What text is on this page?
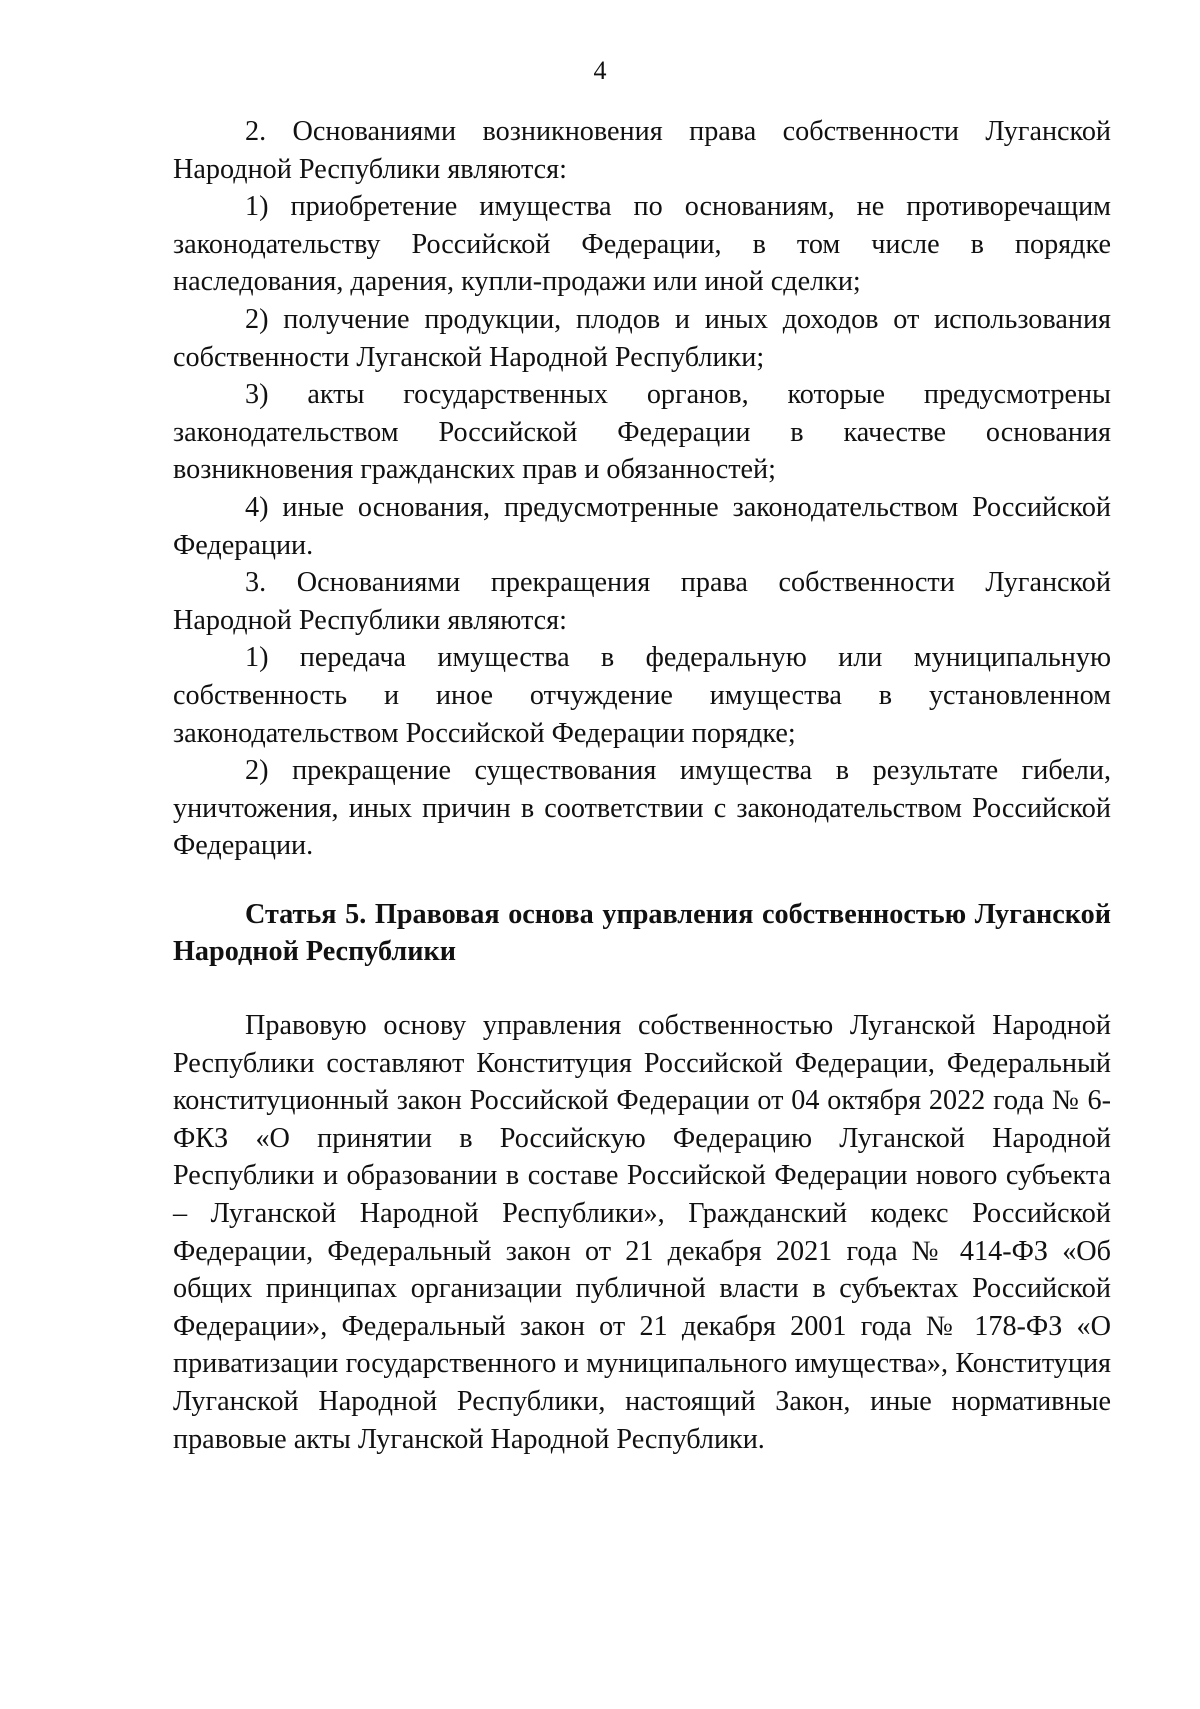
4

2. Основаниями возникновения права собственности Луганской Народной Республики являются:

1) приобретение имущества по основаниям, не противоречащим законодательству Российской Федерации, в том числе в порядке наследования, дарения, купли-продажи или иной сделки;

2) получение продукции, плодов и иных доходов от использования собственности Луганской Народной Республики;

3) акты государственных органов, которые предусмотрены законодательством Российской Федерации в качестве основания возникновения гражданских прав и обязанностей;

4) иные основания, предусмотренные законодательством Российской Федерации.

3. Основаниями прекращения права собственности Луганской Народной Республики являются:

1) передача имущества в федеральную или муниципальную собственность и иное отчуждение имущества в установленном законодательством Российской Федерации порядке;

2) прекращение существования имущества в результате гибели, уничтожения, иных причин в соответствии с законодательством Российской Федерации.

Статья 5. Правовая основа управления собственностью Луганской Народной Республики

Правовую основу управления собственностью Луганской Народной Республики составляют Конституция Российской Федерации, Федеральный конституционный закон Российской Федерации от 04 октября 2022 года № 6-ФКЗ «О принятии в Российскую Федерацию Луганской Народной Республики и образовании в составе Российской Федерации нового субъекта – Луганской Народной Республики», Гражданский кодекс Российской Федерации, Федеральный закон от 21 декабря 2021 года № 414-ФЗ «Об общих принципах организации публичной власти в субъектах Российской Федерации», Федеральный закон от 21 декабря 2001 года № 178-ФЗ «О приватизации государственного и муниципального имущества», Конституция Луганской Народной Республики, настоящий Закон, иные нормативные правовые акты Луганской Народной Республики.
